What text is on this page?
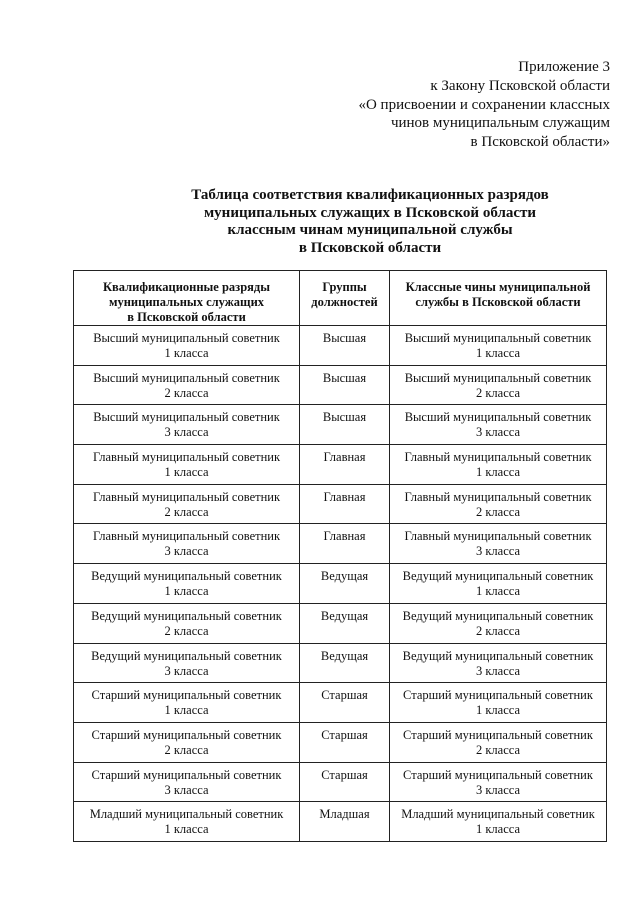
Приложение 3
к Закону Псковской области
«О присвоении и сохранении классных
чинов муниципальным служащим
в Псковской области»
Таблица соответствия квалификационных разрядов
муниципальных служащих в Псковской области
классным чинам муниципальной службы
в Псковской области
Квалификационные разряды
муниципальных служащих
в Псковской области	Группы
должностей	Классные чины муниципальной
службы в Псковской области

Высший муниципальный советник
1 класса	Высшая	Высший муниципальный советник
1 класса

Высший муниципальный советник
2 класса	Высшая	Высший муниципальный советник
2 класса

Высший муниципальный советник
3 класса	Высшая	Высший муниципальный советник
3 класса

Главный муниципальный советник
1 класса	Главная	Главный муниципальный советник
1 класса

Главный муниципальный советник
2 класса	Главная	Главный муниципальный советник
2 класса

Главный муниципальный советник
3 класса	Главная	Главный муниципальный советник
3 класса

Ведущий муниципальный советник
1 класса	Ведущая	Ведущий муниципальный советник
1 класса

Ведущий муниципальный советник
2 класса	Ведущая	Ведущий муниципальный советник
2 класса

Ведущий муниципальный советник
3 класса	Ведущая	Ведущий муниципальный советник
3 класса

Старший муниципальный советник
1 класса	Старшая	Старший муниципальный советник
1 класса

Старший муниципальный советник
2 класса	Старшая	Старший муниципальный советник
2 класса

Старший муниципальный советник
3 класса	Старшая	Старший муниципальный советник
3 класса

Младший муниципальный советник
1 класса	Младшая	Младший муниципальный советник
1 класса
